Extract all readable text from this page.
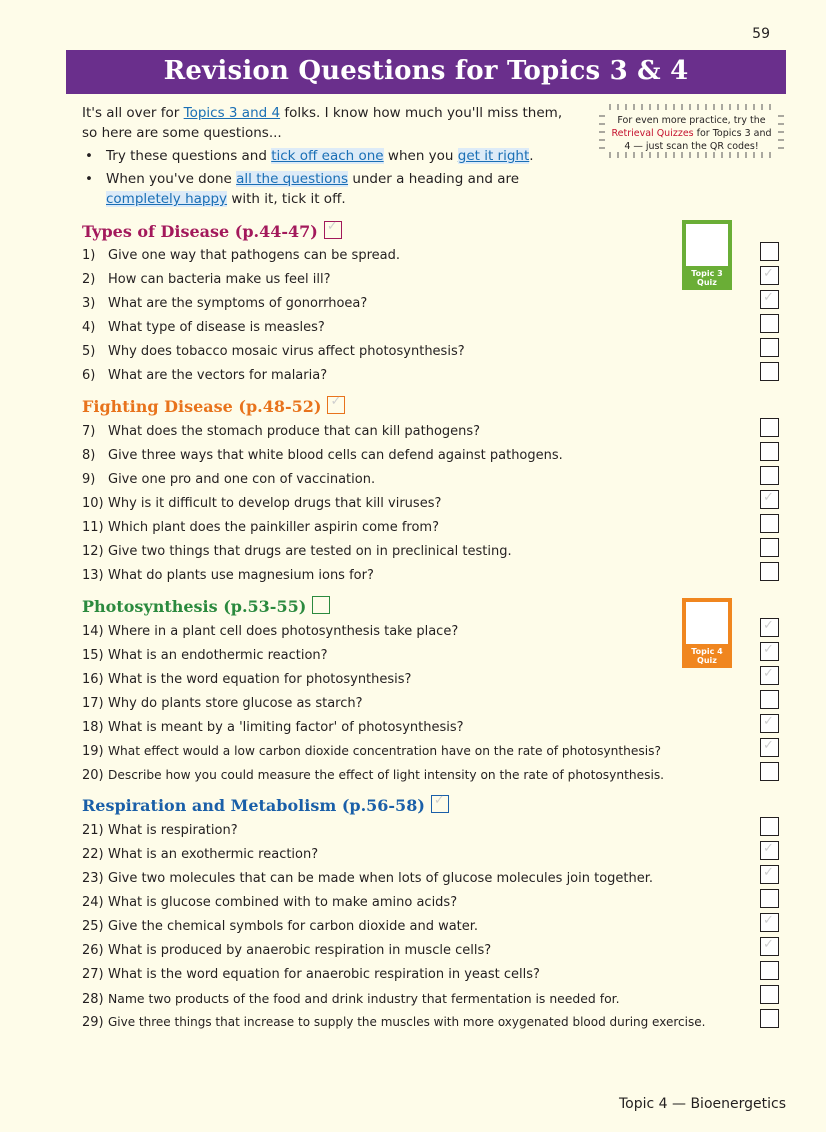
59
Revision Questions for Topics 3 & 4

It's all over for Topics 3 and 4 folks. I know how much you'll miss them,

so here are some questions...

• Try these questions and tick off each one when you get it right.
• When you've done all the questions under a heading and are
completely happy with it, tick it off.
For even more practice, try the
Retrieval Quizzes for Topics 3 and 4 — just scan the QR codes!
Topic 3
Quiz
Topic 4
Quiz
Types of Disease (p.44-47) ✓
Fighting Disease (p.48-52) ✓
Photosynthesis (p.53-55)
Respiration and Metabolism (p.56-58) ✓
1) Give one way that pathogens can be spread.
2) How can bacteria make us feel ill?
3) What are the symptoms of gonorrhoea?
4) What type of disease is measles?
5) Why does tobacco mosaic virus affect photosynthesis?
6) What are the vectors for malaria?
7) What does the stomach produce that can kill pathogens?
8) Give three ways that white blood cells can defend against pathogens.
9) Give one pro and one con of vaccination.
10) Why is it difficult to develop drugs that kill viruses?
11) Which plant does the painkiller aspirin come from?
12) Give two things that drugs are tested on in preclinical testing.
13) What do plants use magnesium ions for?
14) Where in a plant cell does photosynthesis take place?
15) What is an endothermic reaction?
16) What is the word equation for photosynthesis?
17) Why do plants store glucose as starch?
18) What is meant by a 'limiting factor' of photosynthesis?
19) What effect would a low carbon dioxide concentration have on the rate of photosynthesis?
20) Describe how you could measure the effect of light intensity on the rate of photosynthesis.
21) What is respiration?
22) What is an exothermic reaction?
23) Give two molecules that can be made when lots of glucose molecules join together.
24) What is glucose combined with to make amino acids?
25) Give the chemical symbols for carbon dioxide and water.
26) What is produced by anaerobic respiration in muscle cells?
27) What is the word equation for anaerobic respiration in yeast cells?
28) Name two products of the food and drink industry that fermentation is needed for.
29) Give three things that increase to supply the muscles with more oxygenated blood during exercise.
✓
✓
✓
✓
✓
✓
✓
✓
✓
✓
✓
✓
Topic 4 — Bioenergetics
